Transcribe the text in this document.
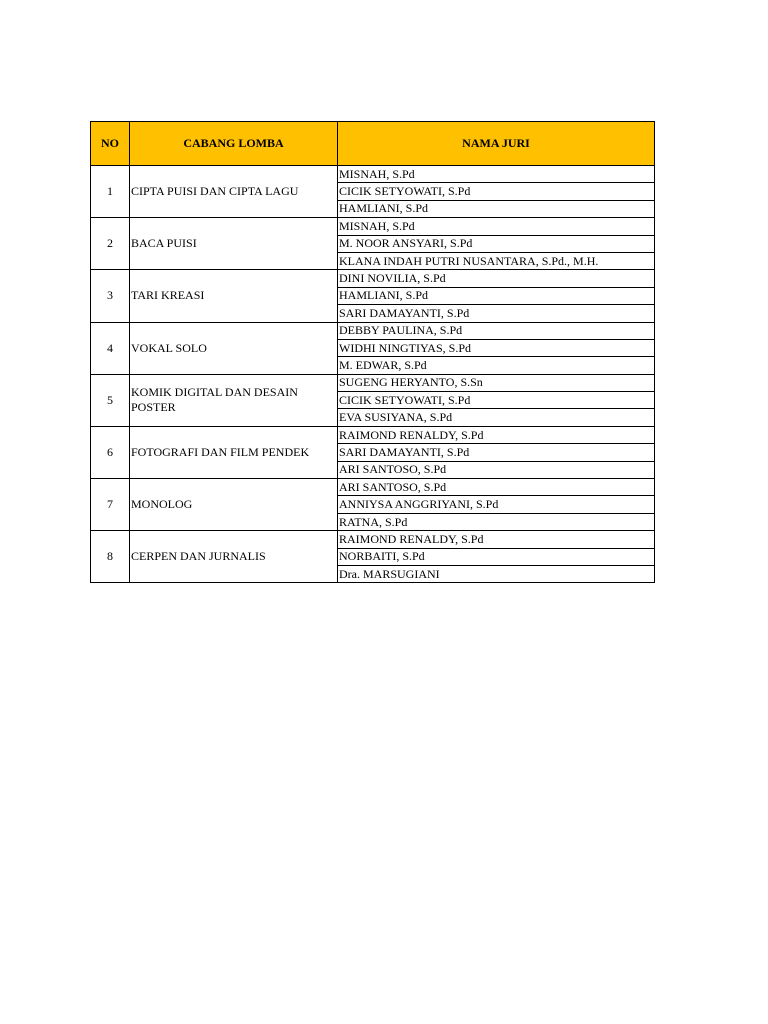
NO	CABANG LOMBA	NAMA JURI
1	CIPTA PUISI DAN CIPTA LAGU	MISNAH, S.Pd
		CICIK SETYOWATI, S.Pd
		HAMLIANI, S.Pd
2	BACA PUISI	MISNAH, S.Pd
		M. NOOR ANSYARI, S.Pd
		KLANA INDAH PUTRI NUSANTARA, S.Pd., M.H.
3	TARI KREASI	DINI NOVILIA, S.Pd
		HAMLIANI, S.Pd
		SARI DAMAYANTI, S.Pd
4	VOKAL SOLO	DEBBY PAULINA, S.Pd
		WIDHI NINGTIYAS, S.Pd
		M. EDWAR, S.Pd
5	KOMIK DIGITAL DAN DESAIN POSTER	SUGENG HERYANTO, S.Sn
		CICIK SETYOWATI, S.Pd
		EVA SUSIYANA, S.Pd
6	FOTOGRAFI DAN FILM PENDEK	RAIMOND RENALDY, S.Pd
		SARI DAMAYANTI, S.Pd
		ARI SANTOSO, S.Pd
7	MONOLOG	ARI SANTOSO, S.Pd
		ANNIYSA ANGGRIYANI, S.Pd
		RATNA, S.Pd
8	CERPEN DAN JURNALIS	RAIMOND RENALDY, S.Pd
		NORBAITI, S.Pd
		Dra. MARSUGIANI
